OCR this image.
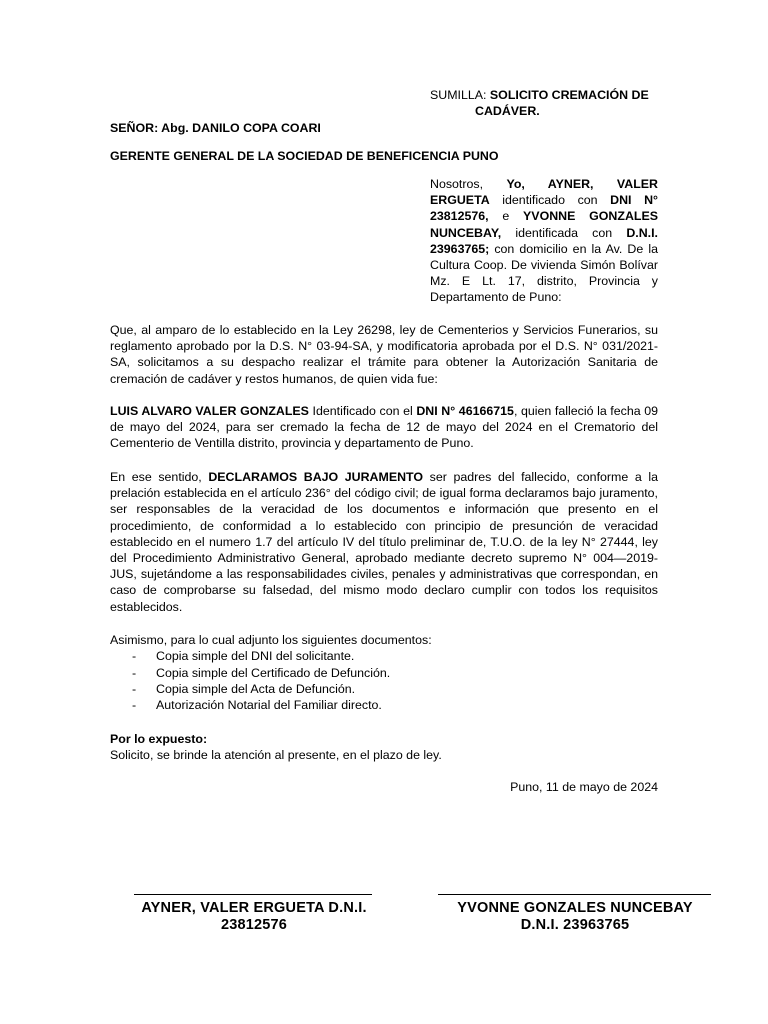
SUMILLA: SOLICITO CREMACIÓN DE
CADÁVER.
SEÑOR: Abg. DANILO COPA COARI
GERENTE GENERAL DE LA SOCIEDAD DE BENEFICENCIA PUNO
Nosotros, Yo, AYNER, VALER ERGUETA identificado con DNI N° 23812576, e YVONNE GONZALES NUNCEBAY, identificada con D.N.I. 23963765; con domicilio en la Av. De la Cultura Coop. De vivienda Simón Bolívar Mz. E Lt. 17, distrito, Provincia y Departamento de Puno:
Que, al amparo de lo establecido en la Ley 26298, ley de Cementerios y Servicios Funerarios, su reglamento aprobado por la D.S. N° 03-94-SA, y modificatoria aprobada por el D.S. N° 031/2021-SA, solicitamos a su despacho realizar el trámite para obtener la Autorización Sanitaria de cremación de cadáver y restos humanos, de quien vida fue:
LUIS ALVARO VALER GONZALES Identificado con el DNI N° 46166715, quien falleció la fecha 09 de mayo del 2024, para ser cremado la fecha de 12 de mayo del 2024 en el Crematorio del Cementerio de Ventilla distrito, provincia y departamento de Puno.
En ese sentido, DECLARAMOS BAJO JURAMENTO ser padres del fallecido, conforme a la prelación establecida en el artículo 236° del código civil; de igual forma declaramos bajo juramento, ser responsables de la veracidad de los documentos e información que presento en el procedimiento, de conformidad a lo establecido con principio de presunción de veracidad establecido en el numero 1.7 del artículo IV del título preliminar de, T.U.O. de la ley N° 27444, ley del Procedimiento Administrativo General, aprobado mediante decreto supremo N° 004—2019-JUS, sujetándome a las responsabilidades civiles, penales y administrativas que correspondan, en caso de comprobarse su falsedad, del mismo modo declaro cumplir con todos los requisitos establecidos.
Asimismo, para lo cual adjunto los siguientes documentos:
- Copia simple del DNI del solicitante.
- Copia simple del Certificado de Defunción.
- Copia simple del Acta de Defunción.
- Autorización Notarial del Familiar directo.
Por lo expuesto:
Solicito, se brinde la atención al presente, en el plazo de ley.
Puno, 11 de mayo de 2024
AYNER, VALER ERGUETA D.N.I.
23812576
YVONNE GONZALES NUNCEBAY
D.N.I. 23963765
